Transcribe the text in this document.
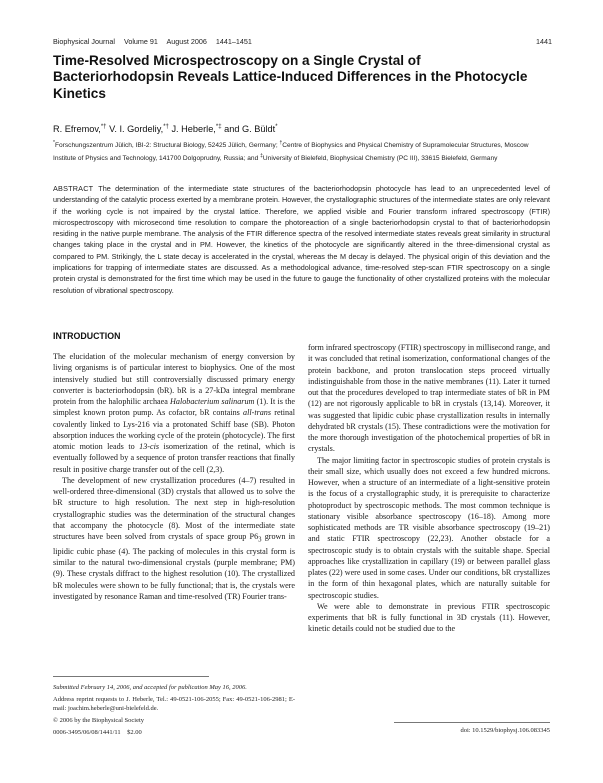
Biophysical Journal Volume 91 August 2006 1441–1451	1441
Time-Resolved Microspectroscopy on a Single Crystal of Bacteriorhodopsin Reveals Lattice-Induced Differences in the Photocycle Kinetics
R. Efremov,*† V. I. Gordeliy,*† J. Heberle,*‡ and G. Büldt*
*Forschungszentrum Jülich, IBI-2: Structural Biology, 52425 Jülich, Germany; †Centre of Biophysics and Physical Chemistry of Supramolecular Structures, Moscow Institute of Physics and Technology, 141700 Dolgoprudny, Russia; and ‡University of Bielefeld, Biophysical Chemistry (PC III), 33615 Bielefeld, Germany

ABSTRACT The determination of the intermediate state structures of the bacteriorhodopsin photocycle has lead to an unprecedented level of understanding of the catalytic process exerted by a membrane protein. However, the crystallographic structures of the intermediate states are only relevant if the working cycle is not impaired by the crystal lattice. Therefore, we applied visible and Fourier transform infrared spectroscopy (FTIR) microspectroscopy with microsecond time resolution to compare the photoreaction of a single bacteriorhodopsin crystal to that of bacteriorhodopsin residing in the native purple membrane. The analysis of the FTIR difference spectra of the resolved intermediate states reveals great similarity in structural changes taking place in the crystal and in PM. However, the kinetics of the photocycle are significantly altered in the three-dimensional crystal as compared to PM. Strikingly, the L state decay is accelerated in the crystal, whereas the M decay is delayed. The physical origin of this deviation and the implications for trapping of intermediate states are discussed. As a methodological advance, time-resolved step-scan FTIR spectroscopy on a single protein crystal is demonstrated for the first time which may be used in the future to gauge the functionality of other crystallized proteins with the molecular resolution of vibrational spectroscopy.

INTRODUCTION

The elucidation of the molecular mechanism of energy conversion by living organisms is of particular interest to biophysics. One of the most intensively studied but still controversially discussed primary energy converter is bacteriorhodopsin (bR). bR is a 27-kDa integral membrane protein from the halophilic archaea Halobacterium salinarum (1). It is the simplest known proton pump. As cofactor, bR contains all-trans retinal covalently linked to Lys-216 via a protonated Schiff base (SB). Photon absorption induces the working cycle of the protein (photocycle). The first atomic motion leads to 13-cis isomerization of the retinal, which is eventually followed by a sequence of proton transfer reactions that finally result in positive charge transfer out of the cell (2,3).

The development of new crystallization procedures (4–7) resulted in well-ordered three-dimensional (3D) crystals that allowed us to solve the bR structure to high resolution. The next step in high-resolution crystallographic studies was the determination of the structural changes that accompany the photocycle (8). Most of the intermediate state structures have been solved from crystals of space group $P6_3$ grown in lipidic cubic phase (4). The packing of molecules in this crystal form is similar to the natural two-dimensional crystals (purple membrane; PM) (9). These crystals diffract to the highest resolution (10). The crystallized bR molecules were shown to be fully functional; that is, the crystals were investigated by resonance Raman and time-resolved (TR) Fourier trans-

form infrared spectroscopy (FTIR) spectroscopy in millisecond range, and it was concluded that retinal isomerization, conformational changes of the protein backbone, and proton translocation steps proceed virtually indistinguishable from those in the native membranes (11). Later it turned out that the procedures developed to trap intermediate states of bR in PM (12) are not rigorously applicable to bR in crystals (13,14). Moreover, it was suggested that lipidic cubic phase crystallization results in internally dehydrated bR crystals (15). These contradictions were the motivation for the more thorough investigation of the photochemical properties of bR in crystals.

The major limiting factor in spectroscopic studies of protein crystals is their small size, which usually does not exceed a few hundred microns. However, when a structure of an intermediate of a light-sensitive protein is the focus of a crystallographic study, it is prerequisite to characterize photoproduct by spectroscopic methods. The most common technique is stationary visible absorbance spectroscopy (16–18). Among more sophisticated methods are TR visible absorbance spectroscopy (19–21) and static FTIR spectroscopy (22,23). Another obstacle for a spectroscopic study is to obtain crystals with the suitable shape. Special approaches like crystallization in capillary (19) or between parallel glass plates (22) were used in some cases. Under our conditions, bR crystallizes in the form of thin hexagonal plates, which are naturally suitable for spectroscopic studies.

We were able to demonstrate in previous FTIR spectroscopic experiments that bR is fully functional in 3D crystals (11). However, kinetic details could not be studied due to the

Submitted February 14, 2006, and accepted for publication May 16, 2006.
Address reprint requests to J. Heberle, Tel.: 49-0521-106-2055; Fax: 49-0521-106-2981; E-mail: joachim.heberle@uni-bielefeld.de.
© 2006 by the Biophysical Society
0006-3495/06/08/1441/11    $2.00	doi: 10.1529/biophysj.106.083345
